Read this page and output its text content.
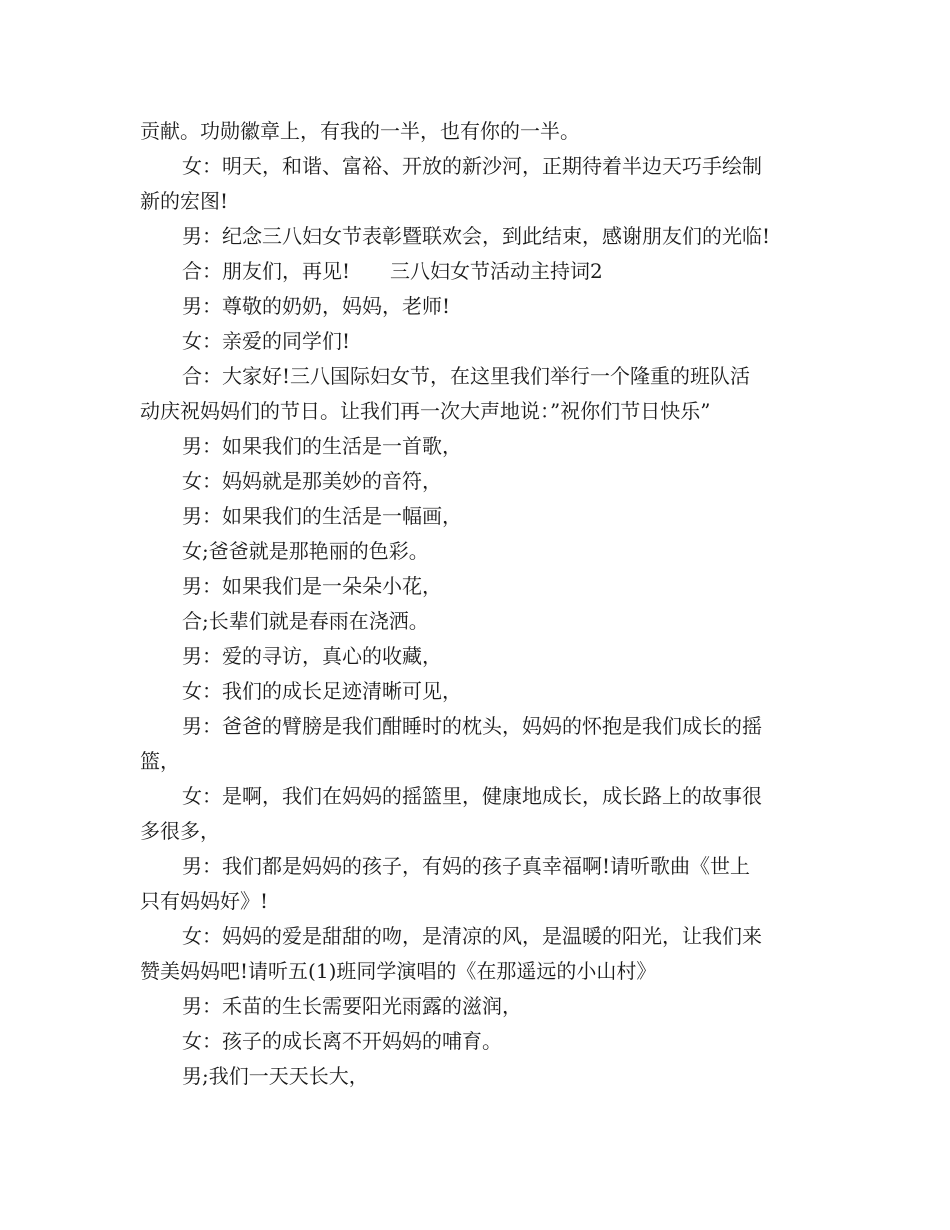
贡献。功勋徽章上，有我的一半，也有你的一半。

女：明天，和谐、富裕、开放的新沙河，正期待着半边天巧手绘制

新的宏图!

男：纪念三八妇女节表彰暨联欢会，到此结束，感谢朋友们的光临!

合：朋友们，再见!　　三八妇女节活动主持词2

男：尊敬的奶奶，妈妈，老师!

女：亲爱的同学们!

合：大家好!三八国际妇女节，在这里我们举行一个隆重的班队活

动庆祝妈妈们的节日。让我们再一次大声地说：”祝你们节日快乐”

男：如果我们的生活是一首歌，

女：妈妈就是那美妙的音符，

男：如果我们的生活是一幅画，

女;爸爸就是那艳丽的色彩。

男：如果我们是一朵朵小花，

合;长辈们就是春雨在浇洒。

男：爱的寻访，真心的收藏，

女：我们的成长足迹清晰可见，

男：爸爸的臂膀是我们酣睡时的枕头，妈妈的怀抱是我们成长的摇

篮，

女：是啊，我们在妈妈的摇篮里，健康地成长，成长路上的故事很

多很多，

男：我们都是妈妈的孩子，有妈的孩子真幸福啊!请听歌曲《世上

只有妈妈好》!

女：妈妈的爱是甜甜的吻，是清凉的风，是温暖的阳光，让我们来

赞美妈妈吧!请听五(1)班同学演唱的《在那遥远的小山村》

男：禾苗的生长需要阳光雨露的滋润，

女：孩子的成长离不开妈妈的哺育。

男;我们一天天长大，
